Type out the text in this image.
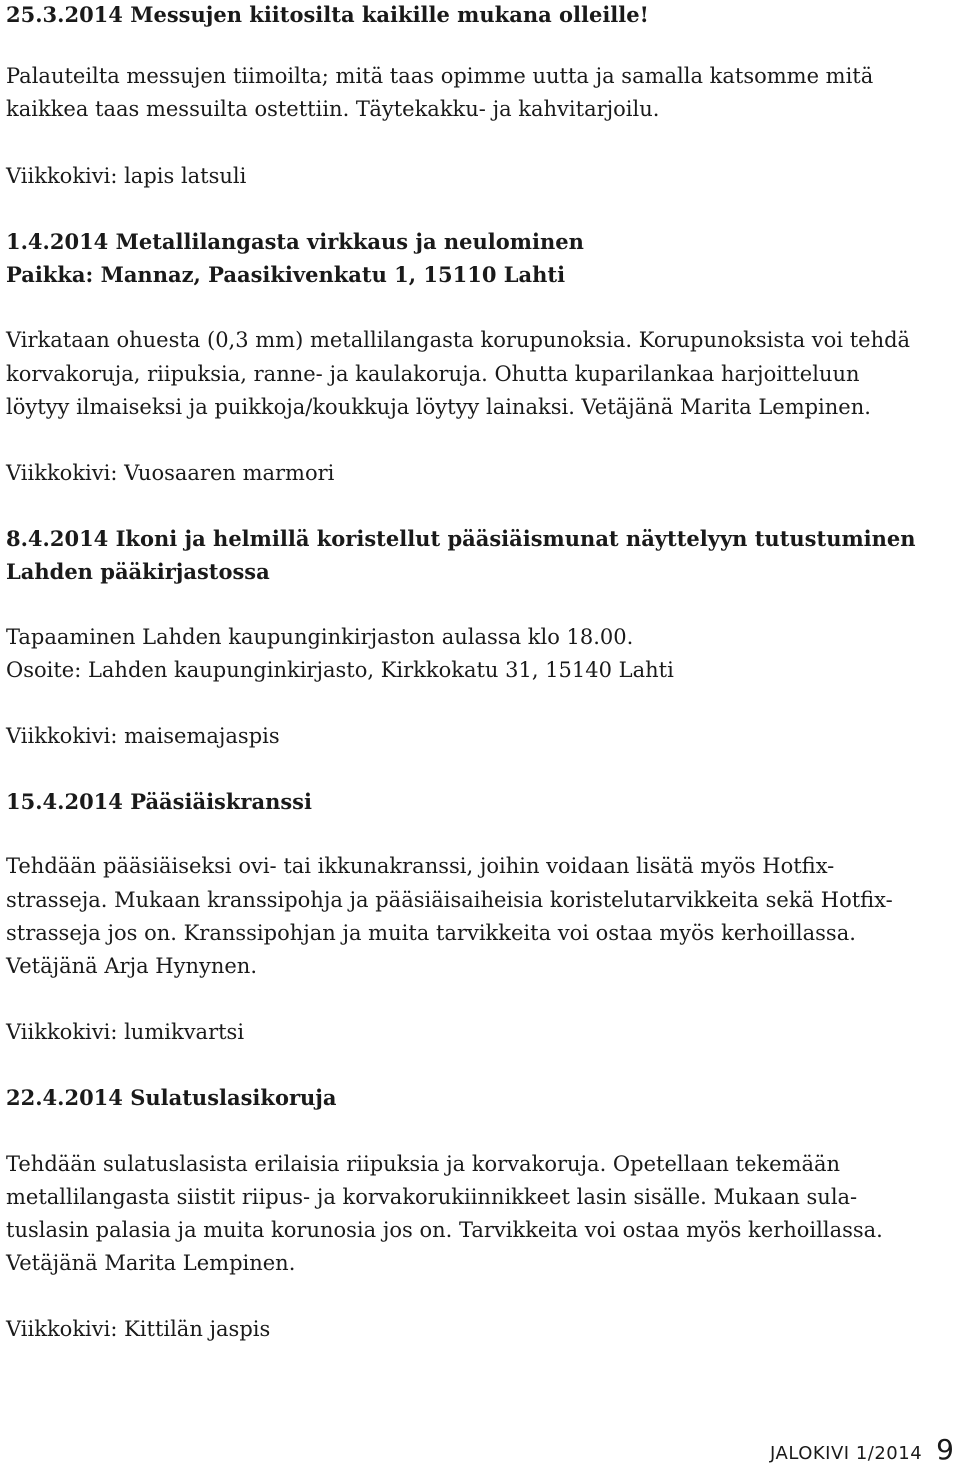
25.3.2014 Messujen kiitosilta kaikille mukana olleille!
Palauteilta messujen tiimoilta; mitä taas opimme uutta ja samalla katsomme mitä
kaikkea taas messuilta ostettiin. Täytekakku- ja kahvitarjoilu.
Viikkokivi: lapis latsuli
1.4.2014 Metallilangasta virkkaus ja neulominen
Paikka: Mannaz, Paasikivenkatu 1, 15110 Lahti
Virkataan ohuesta (0,3 mm) metallilangasta korupunoksia. Korupunoksista voi tehdä
korvakoruja, riipuksia, ranne- ja kaulakoruja. Ohutta kuparilankaa harjoitteluun
löytyy ilmaiseksi ja puikkoja/koukkuja löytyy lainaksi. Vetäjänä Marita Lempinen.
Viikkokivi: Vuosaaren marmori
8.4.2014 Ikoni ja helmillä koristellut pääsiäismunat näyttelyyn tutustuminen
Lahden pääkirjastossa
Tapaaminen Lahden kaupunginkirjaston aulassa klo 18.00.
Osoite: Lahden kaupunginkirjasto, Kirkkokatu 31, 15140 Lahti
Viikkokivi: maisemajaspis
15.4.2014 Pääsiäiskranssi
Tehdään pääsiäiseksi ovi- tai ikkunakranssi, joihin voidaan lisätä myös Hotfix-
strasseja. Mukaan kranssipohja ja pääsiäisaiheisia koristelutarvikkeita sekä Hotfix-
strasseja jos on. Kranssipohjan ja muita tarvikkeita voi ostaa myös kerhoillassa.
Vetäjänä Arja Hynynen.
Viikkokivi: lumikvartsi
22.4.2014 Sulatuslasikoruja
Tehdään sulatuslasista erilaisia riipuksia ja korvakoruja. Opetellaan tekemään
metallilangasta siistit riipus- ja korvakorukiinnikkeet lasin sisälle. Mukaan sula-
tuslasin palasia ja muita korunosia jos on. Tarvikkeita voi ostaa myös kerhoillassa.
Vetäjänä Marita Lempinen.
Viikkokivi: Kittilän jaspis
JALOKIVI 1/2014 9
